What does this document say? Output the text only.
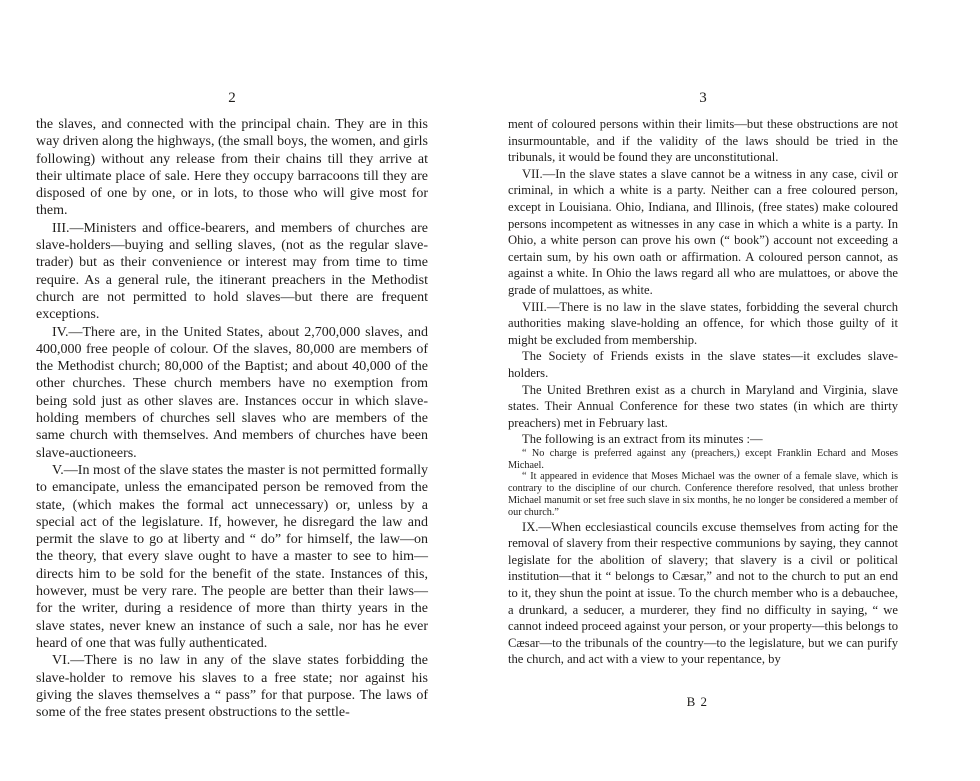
2

the slaves, and connected with the principal chain. They are in this way driven along the highways, (the small boys, the women, and girls following) without any release from their chains till they arrive at their ultimate place of sale. Here they occupy barracoons till they are disposed of one by one, or in lots, to those who will give most for them.

III.—Ministers and office-bearers, and members of churches are slave-holders—buying and selling slaves, (not as the regular slave-trader) but as their convenience or interest may from time to time require. As a general rule, the itinerant preachers in the Methodist church are not permitted to hold slaves—but there are frequent exceptions.

IV.—There are, in the United States, about 2,700,000 slaves, and 400,000 free people of colour. Of the slaves, 80,000 are members of the Methodist church; 80,000 of the Baptist; and about 40,000 of the other churches. These church members have no exemption from being sold just as other slaves are. Instances occur in which slave-holding members of churches sell slaves who are members of the same church with themselves. And members of churches have been slave-auctioneers.

V.—In most of the slave states the master is not permitted formally to emancipate, unless the emancipated person be removed from the state, (which makes the formal act unnecessary) or, unless by a special act of the legislature. If, however, he disregard the law and permit the slave to go at liberty and “ do” for himself, the law—on the theory, that every slave ought to have a master to see to him—directs him to be sold for the benefit of the state. Instances of this, however, must be very rare. The people are better than their laws—for the writer, during a residence of more than thirty years in the slave states, never knew an instance of such a sale, nor has he ever heard of one that was fully authenticated.

VI.—There is no law in any of the slave states forbidding the slave-holder to remove his slaves to a free state; nor against his giving the slaves themselves a “ pass” for that purpose. The laws of some of the free states present obstructions to the settle-

3

ment of coloured persons within their limits—but these obstructions are not insurmountable, and if the validity of the laws should be tried in the tribunals, it would be found they are unconstitutional.

VII.—In the slave states a slave cannot be a witness in any case, civil or criminal, in which a white is a party. Neither can a free coloured person, except in Louisiana. Ohio, Indiana, and Illinois, (free states) make coloured persons incompetent as witnesses in any case in which a white is a party. In Ohio, a white person can prove his own (“ book”) account not exceeding a certain sum, by his own oath or affirmation. A coloured person cannot, as against a white. In Ohio the laws regard all who are mulattoes, or above the grade of mulattoes, as white.

VIII.—There is no law in the slave states, forbidding the several church authorities making slave-holding an offence, for which those guilty of it might be excluded from membership.

The Society of Friends exists in the slave states—it excludes slave-holders.

The United Brethren exist as a church in Maryland and Virginia, slave states. Their Annual Conference for these two states (in which are thirty preachers) met in February last.

The following is an extract from its minutes :—

“ No charge is preferred against any (preachers,) except Franklin Echard and Moses Michael.

“ It appeared in evidence that Moses Michael was the owner of a female slave, which is contrary to the discipline of our church. Conference therefore resolved, that unless brother Michael manumit or set free such slave in six months, he no longer be considered a member of our church.”

IX.—When ecclesiastical councils excuse themselves from acting for the removal of slavery from their respective communions by saying, they cannot legislate for the abolition of slavery; that slavery is a civil or political institution—that it “ belongs to Cæsar,” and not to the church to put an end to it, they shun the point at issue. To the church member who is a debauchee, a drunkard, a seducer, a murderer, they find no difficulty in saying, “ we cannot indeed proceed against your person, or your property—this belongs to Cæsar—to the tribunals of the country—to the legislature, but we can purify the church, and act with a view to your repentance, by

B 2
